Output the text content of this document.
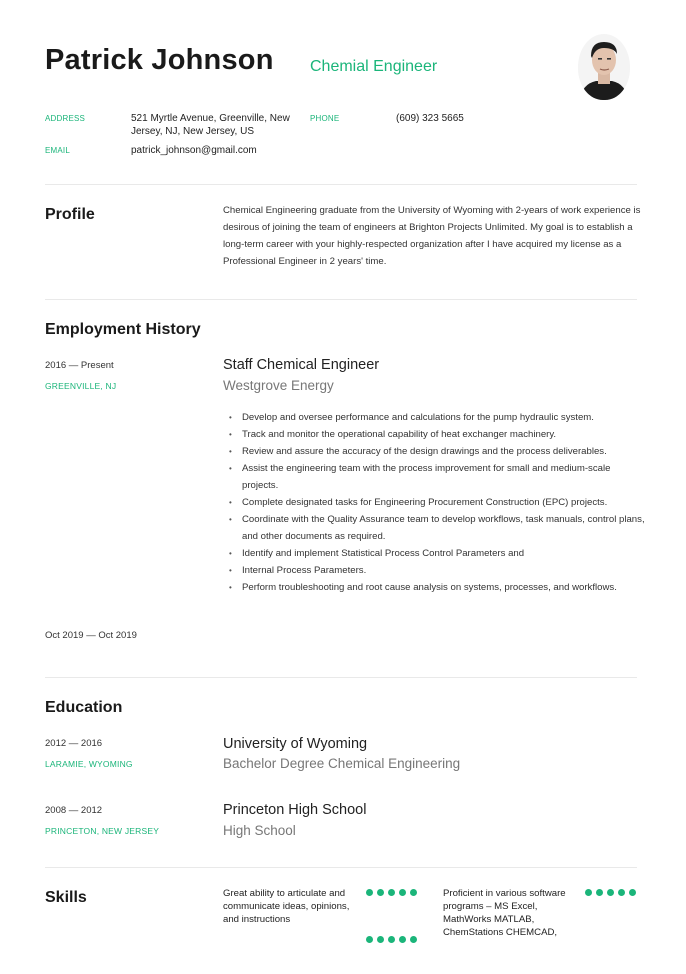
Patrick Johnson Chemial Engineer
ADDRESS	521 Myrtle Avenue, Greenville, New Jersey, NJ, New Jersey, US
PHONE	(609) 323 5665
EMAIL	patrick_johnson@gmail.com
Profile	Chemical Engineering graduate from the University of Wyoming with 2-years of work experience is desirous of joining the team of engineers at Brighton Projects Unlimited. My goal is to establish a long-term career with your highly-respected organization after I have acquired my license as a Professional Engineer in 2 years' time.
Employment History
2016 — Present
GREENVILLE, NJ
Staff Chemical Engineer
Westgrove Energy
• Develop and oversee performance and calculations for the pump hydraulic system.
• Track and monitor the operational capability of heat exchanger machinery.
• Review and assure the accuracy of the design drawings and the process deliverables.
• Assist the engineering team with the process improvement for small and medium-scale projects.
• Complete designated tasks for Engineering Procurement Construction (EPC) projects.
• Coordinate with the Quality Assurance team to develop workflows, task manuals, control plans, and other documents as required.
• Identify and implement Statistical Process Control Parameters and
• Internal Process Parameters.
• Perform troubleshooting and root cause analysis on systems, processes, and workflows.
Oct 2019 — Oct 2019
Education
2012 — 2016
LARAMIE, WYOMING
University of Wyoming
Bachelor Degree Chemical Engineering
2008 — 2012
PRINCETON, NEW JERSEY
Princeton High School
High School
Skills	Great ability to articulate and communicate ideas, opinions, and instructions
Proficient in various software programs – MS Excel, MathWorks MATLAB, ChemStations CHEMCAD,
